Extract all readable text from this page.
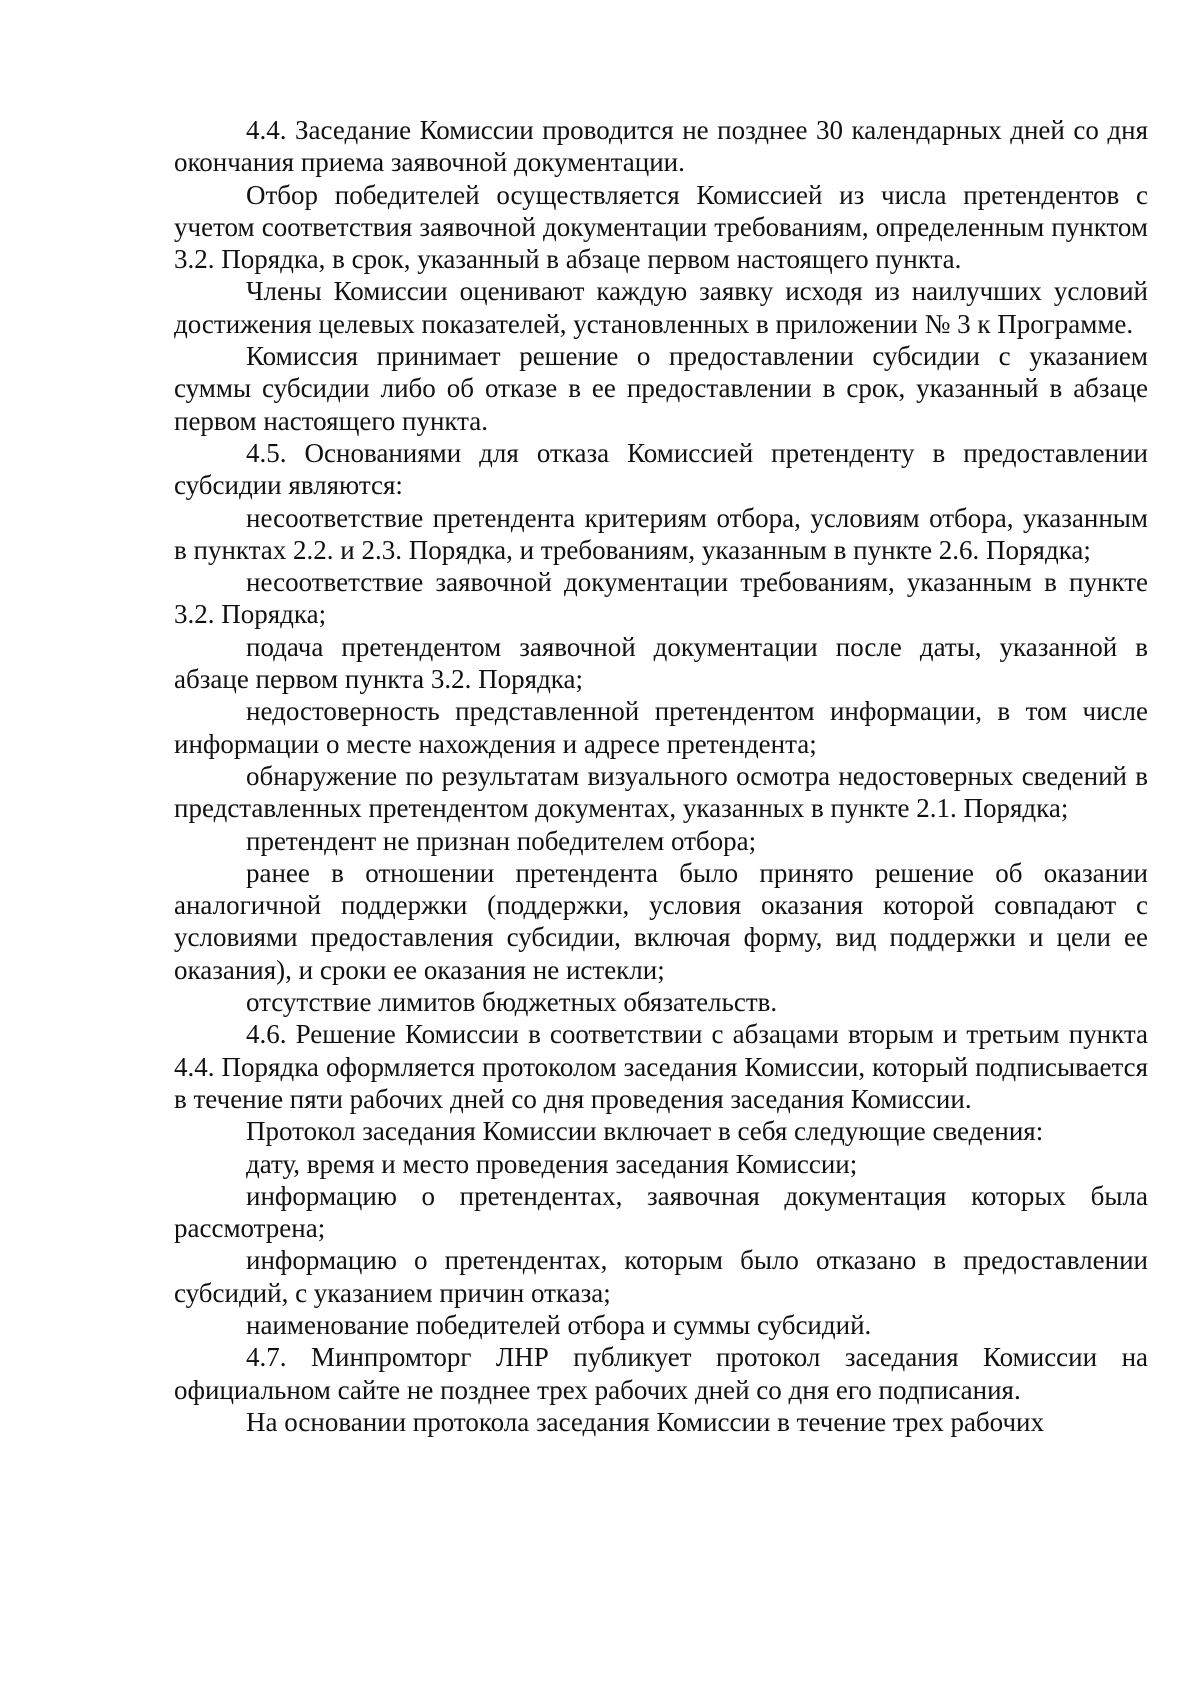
4.4. Заседание Комиссии проводится не позднее 30 календарных дней со дня окончания приема заявочной документации.

Отбор победителей осуществляется Комиссией из числа претендентов с учетом соответствия заявочной документации требованиям, определенным пунктом 3.2. Порядка, в срок, указанный в абзаце первом настоящего пункта.

Члены Комиссии оценивают каждую заявку исходя из наилучших условий достижения целевых показателей, установленных в приложении № 3 к Программе.

Комиссия принимает решение о предоставлении субсидии с указанием суммы субсидии либо об отказе в ее предоставлении в срок, указанный в абзаце первом настоящего пункта.

4.5. Основаниями для отказа Комиссией претенденту в предоставлении субсидии являются:

несоответствие претендента критериям отбора, условиям отбора, указанным в пунктах 2.2. и 2.3. Порядка, и требованиям, указанным в пункте 2.6. Порядка;

несоответствие заявочной документации требованиям, указанным в пункте 3.2. Порядка;

подача претендентом заявочной документации после даты, указанной в абзаце первом пункта 3.2. Порядка;

недостоверность представленной претендентом информации, в том числе информации о месте нахождения и адресе претендента;

обнаружение по результатам визуального осмотра недостоверных сведений в представленных претендентом документах, указанных в пункте 2.1. Порядка;

претендент не признан победителем отбора;

ранее в отношении претендента было принято решение об оказании аналогичной поддержки (поддержки, условия оказания которой совпадают с условиями предоставления субсидии, включая форму, вид поддержки и цели ее оказания), и сроки ее оказания не истекли;

отсутствие лимитов бюджетных обязательств.

4.6. Решение Комиссии в соответствии с абзацами вторым и третьим пункта 4.4. Порядка оформляется протоколом заседания Комиссии, который подписывается в течение пяти рабочих дней со дня проведения заседания Комиссии.

Протокол заседания Комиссии включает в себя следующие сведения:

дату, время и место проведения заседания Комиссии;

информацию о претендентах, заявочная документация которых была рассмотрена;

информацию о претендентах, которым было отказано в предоставлении субсидий, с указанием причин отказа;

наименование победителей отбора и суммы субсидий.

4.7. Минпромторг ЛНР публикует протокол заседания Комиссии на официальном сайте не позднее трех рабочих дней со дня его подписания.

На основании протокола заседания Комиссии в течение трех рабочих
